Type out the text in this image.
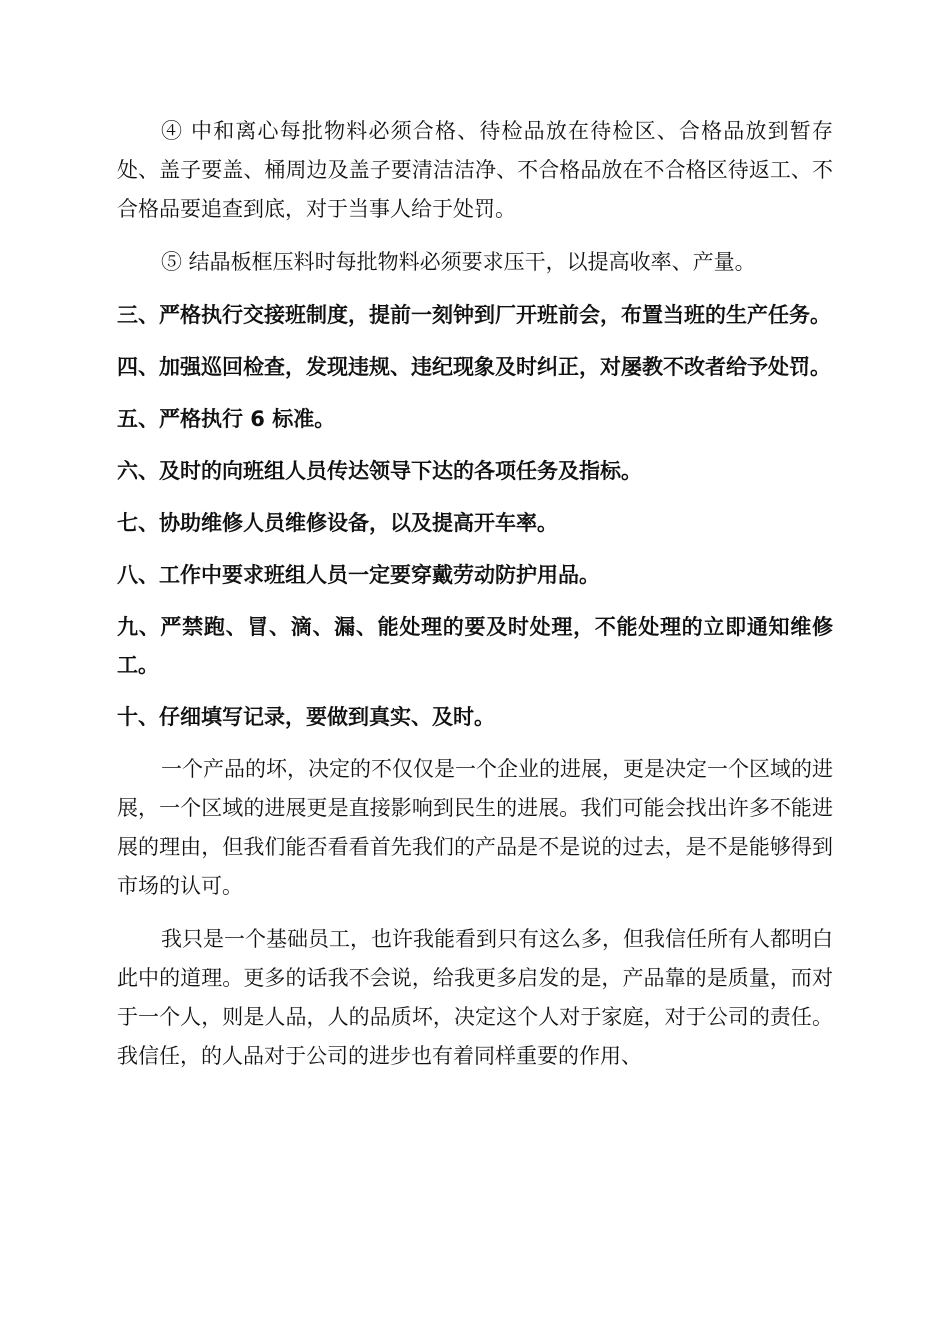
④ 中和离心每批物料必须合格、待检品放在待检区、合格品放到暂存处、盖子要盖、桶周边及盖子要清洁洁净、不合格品放在不合格区待返工、不合格品要追查到底，对于当事人给于处罚。

⑤ 结晶板框压料时每批物料必须要求压干，以提高收率、产量。

三、严格执行交接班制度，提前一刻钟到厂开班前会，布置当班的生产任务。

四、加强巡回检查，发现违规、违纪现象及时纠正，对屡教不改者给予处罚。

五、严格执行 6 标准。

六、及时的向班组人员传达领导下达的各项任务及指标。

七、协助维修人员维修设备，以及提高开车率。

八、工作中要求班组人员一定要穿戴劳动防护用品。

九、严禁跑、冒、滴、漏、能处理的要及时处理，不能处理的立即通知维修工。

十、仔细填写记录，要做到真实、及时。

一个产品的坏，决定的不仅仅是一个企业的进展，更是决定一个区域的进展，一个区域的进展更是直接影响到民生的进展。我们可能会找出许多不能进展的理由，但我们能否看看首先我们的产品是不是说的过去，是不是能够得到市场的认可。

我只是一个基础员工，也许我能看到只有这么多，但我信任所有人都明白此中的道理。更多的话我不会说，给我更多启发的是，产品靠的是质量，而对于一个人，则是人品，人的品质坏，决定这个人对于家庭，对于公司的责任。我信任，的人品对于公司的进步也有着同样重要的作用、
